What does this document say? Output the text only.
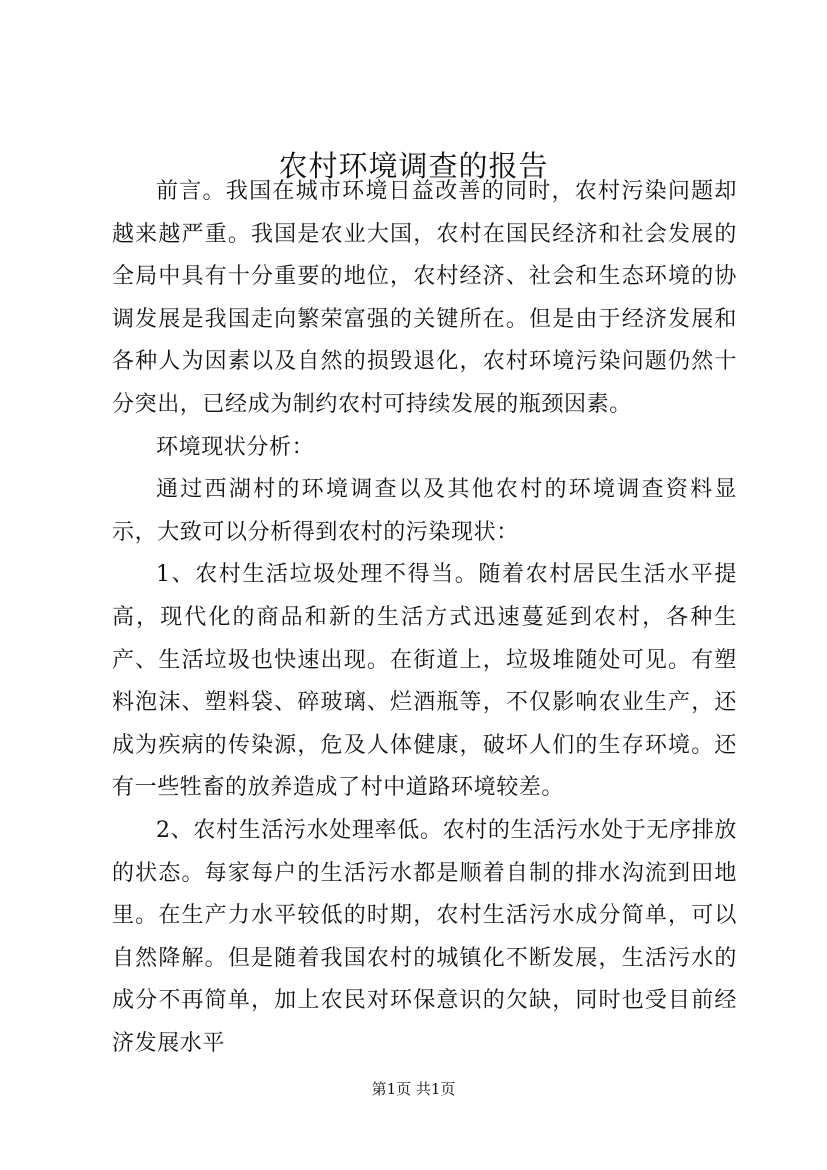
农村环境调查的报告

前言。我国在城市环境日益改善的同时，农村污染问题却越来越严重。我国是农业大国，农村在国民经济和社会发展的全局中具有十分重要的地位，农村经济、社会和生态环境的协调发展是我国走向繁荣富强的关键所在。但是由于经济发展和各种人为因素以及自然的损毁退化，农村环境污染问题仍然十分突出，已经成为制约农村可持续发展的瓶颈因素。

环境现状分析：

通过西湖村的环境调查以及其他农村的环境调查资料显示，大致可以分析得到农村的污染现状：

1、农村生活垃圾处理不得当。随着农村居民生活水平提高，现代化的商品和新的生活方式迅速蔓延到农村，各种生产、生活垃圾也快速出现。在街道上，垃圾堆随处可见。有塑料泡沫、塑料袋、碎玻璃、烂酒瓶等，不仅影响农业生产，还成为疾病的传染源，危及人体健康，破坏人们的生存环境。还有一些牲畜的放养造成了村中道路环境较差。

2、农村生活污水处理率低。农村的生活污水处于无序排放的状态。每家每户的生活污水都是顺着自制的排水沟流到田地里。在生产力水平较低的时期，农村生活污水成分简单，可以自然降解。但是随着我国农村的城镇化不断发展，生活污水的成分不再简单，加上农民对环保意识的欠缺，同时也受目前经济发展水平

第1页 共1页
